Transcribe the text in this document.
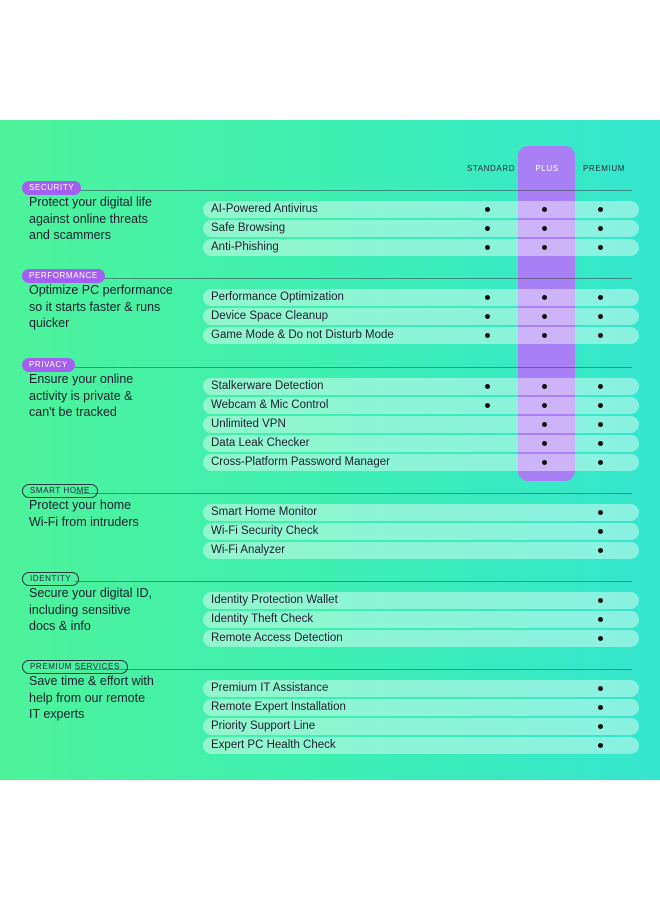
STANDARD	PLUS	PREMIUM
SECURITY
Protect your digital life
against online threats
and scammers
AI-Powered Antivirus
Safe Browsing
Anti-Phishing
PERFORMANCE
Optimize PC performance
so it starts faster & runs
quicker
Performance Optimization
Device Space Cleanup
Game Mode & Do not Disturb Mode
PRIVACY
Ensure your online
activity is private &
can't be tracked
Stalkerware Detection
Webcam & Mic Control
Unlimited VPN
Data Leak Checker
Cross-Platform Password Manager
SMART HOME
Protect your home
Wi-Fi from intruders
Smart Home Monitor
Wi-Fi Security Check
Wi-Fi Analyzer
IDENTITY
Secure your digital ID,
including sensitive
docs & info
Identity Protection Wallet
Identity Theft Check
Remote Access Detection
PREMIUM SERVICES
Save time & effort with
help from our remote
IT experts
Premium IT Assistance
Remote Expert Installation
Priority Support Line
Expert PC Health Check
